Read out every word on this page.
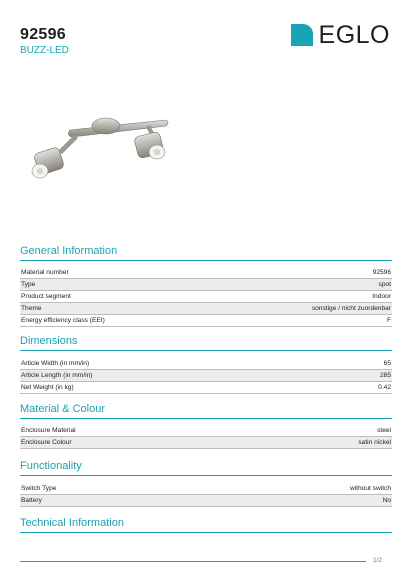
92596
BUZZ-LED
EGLO
General Information
Material number	92596
Type	spot
Product segment	Indoor
Theme	sonstige / nicht zuordenbar
Energy efficiency class (EEI)	F
Dimensions
Article Width (in mm/in)	65
Article Length (in mm/in)	285
Net Weight (in kg)	0.42
Material & Colour
Enclosure Material	steel
Enclosure Colour	satin nickel
Functionality
Switch Type	without switch
Battery	No
Technical Information
1/2
